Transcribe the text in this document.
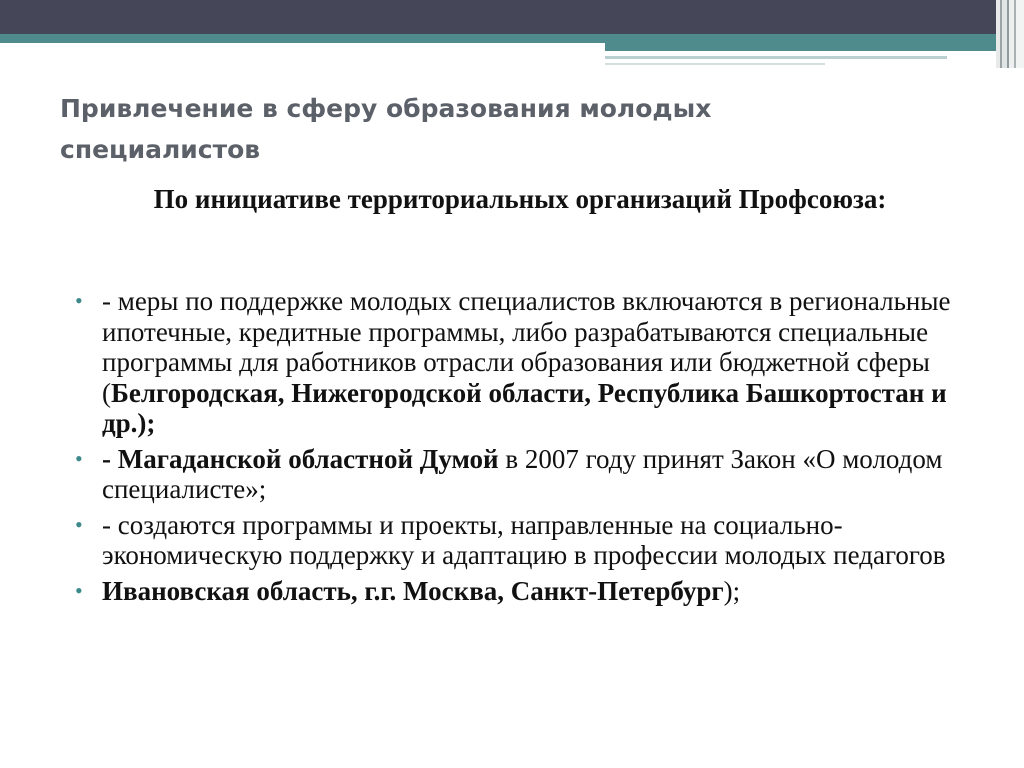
Привлечение в сферу образования молодых специалистов

По инициативе территориальных организаций Профсоюза:

• - меры по поддержке молодых специалистов включаются в региональные ипотечные, кредитные программы, либо разрабатываются специальные программы для работников отрасли образования или бюджетной сферы (Белгородская, Нижегородской области, Республика Башкортостан и др.);
• - Магаданской областной Думой в 2007 году принят Закон «О молодом специалисте»;
• - создаются программы и проекты, направленные на социально-экономическую поддержку и адаптацию в профессии молодых педагогов
• Ивановская область, г.г. Москва, Санкт-Петербург);
